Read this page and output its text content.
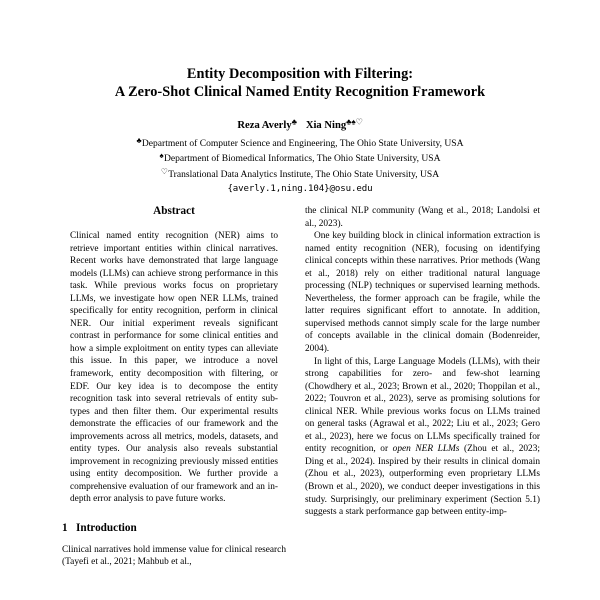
Entity Decomposition with Filtering:
A Zero-Shot Clinical Named Entity Recognition Framework
Reza Averly♣ Xia Ning♣♠♡
♣Department of Computer Science and Engineering, The Ohio State University, USA
♠Department of Biomedical Informatics, The Ohio State University, USA
♡Translational Data Analytics Institute, The Ohio State University, USA
{averly.1,ning.104}@osu.edu
Abstract

Clinical named entity recognition (NER) aims to retrieve important entities within clinical narratives. Recent works have demonstrated that large language models (LLMs) can achieve strong performance in this task. While previous works focus on proprietary LLMs, we investigate how open NER LLMs, trained specifically for entity recognition, perform in clinical NER. Our initial experiment reveals significant contrast in performance for some clinical entities and how a simple exploitment on entity types can alleviate this issue. In this paper, we introduce a novel framework, entity decomposition with filtering, or EDF. Our key idea is to decompose the entity recognition task into several retrievals of entity sub-types and then filter them. Our experimental results demonstrate the efficacies of our framework and the improvements across all metrics, models, datasets, and entity types. Our analysis also reveals substantial improvement in recognizing previously missed entities using entity decomposition. We further provide a comprehensive evaluation of our framework and an in-depth error analysis to pave future works.

1 Introduction

Clinical narratives hold immense value for clinical research (Tayefi et al., 2021; Mahbub et al.,

the clinical NLP community (Wang et al., 2018; Landolsi et al., 2023).

One key building block in clinical information extraction is named entity recognition (NER), focusing on identifying clinical concepts within these narratives. Prior methods (Wang et al., 2018) rely on either traditional natural language processing (NLP) techniques or supervised learning methods. Nevertheless, the former approach can be fragile, while the latter requires significant effort to annotate. In addition, supervised methods cannot simply scale for the large number of concepts available in the clinical domain (Bodenreider, 2004).

In light of this, Large Language Models (LLMs), with their strong capabilities for zero- and few-shot learning (Chowdhery et al., 2023; Brown et al., 2020; Thoppilan et al., 2022; Touvron et al., 2023), serve as promising solutions for clinical NER. While previous works focus on LLMs trained on general tasks (Agrawal et al., 2022; Liu et al., 2023; Gero et al., 2023), here we focus on LLMs specifically trained for entity recognition, or open NER LLMs (Zhou et al., 2023; Ding et al., 2024). Inspired by their results in clinical domain (Zhou et al., 2023), outperforming even proprietary LLMs (Brown et al., 2020), we conduct deeper investigations in this study. Surprisingly, our preliminary experiment (Section 5.1) suggests a stark performance gap between entity-imp-
